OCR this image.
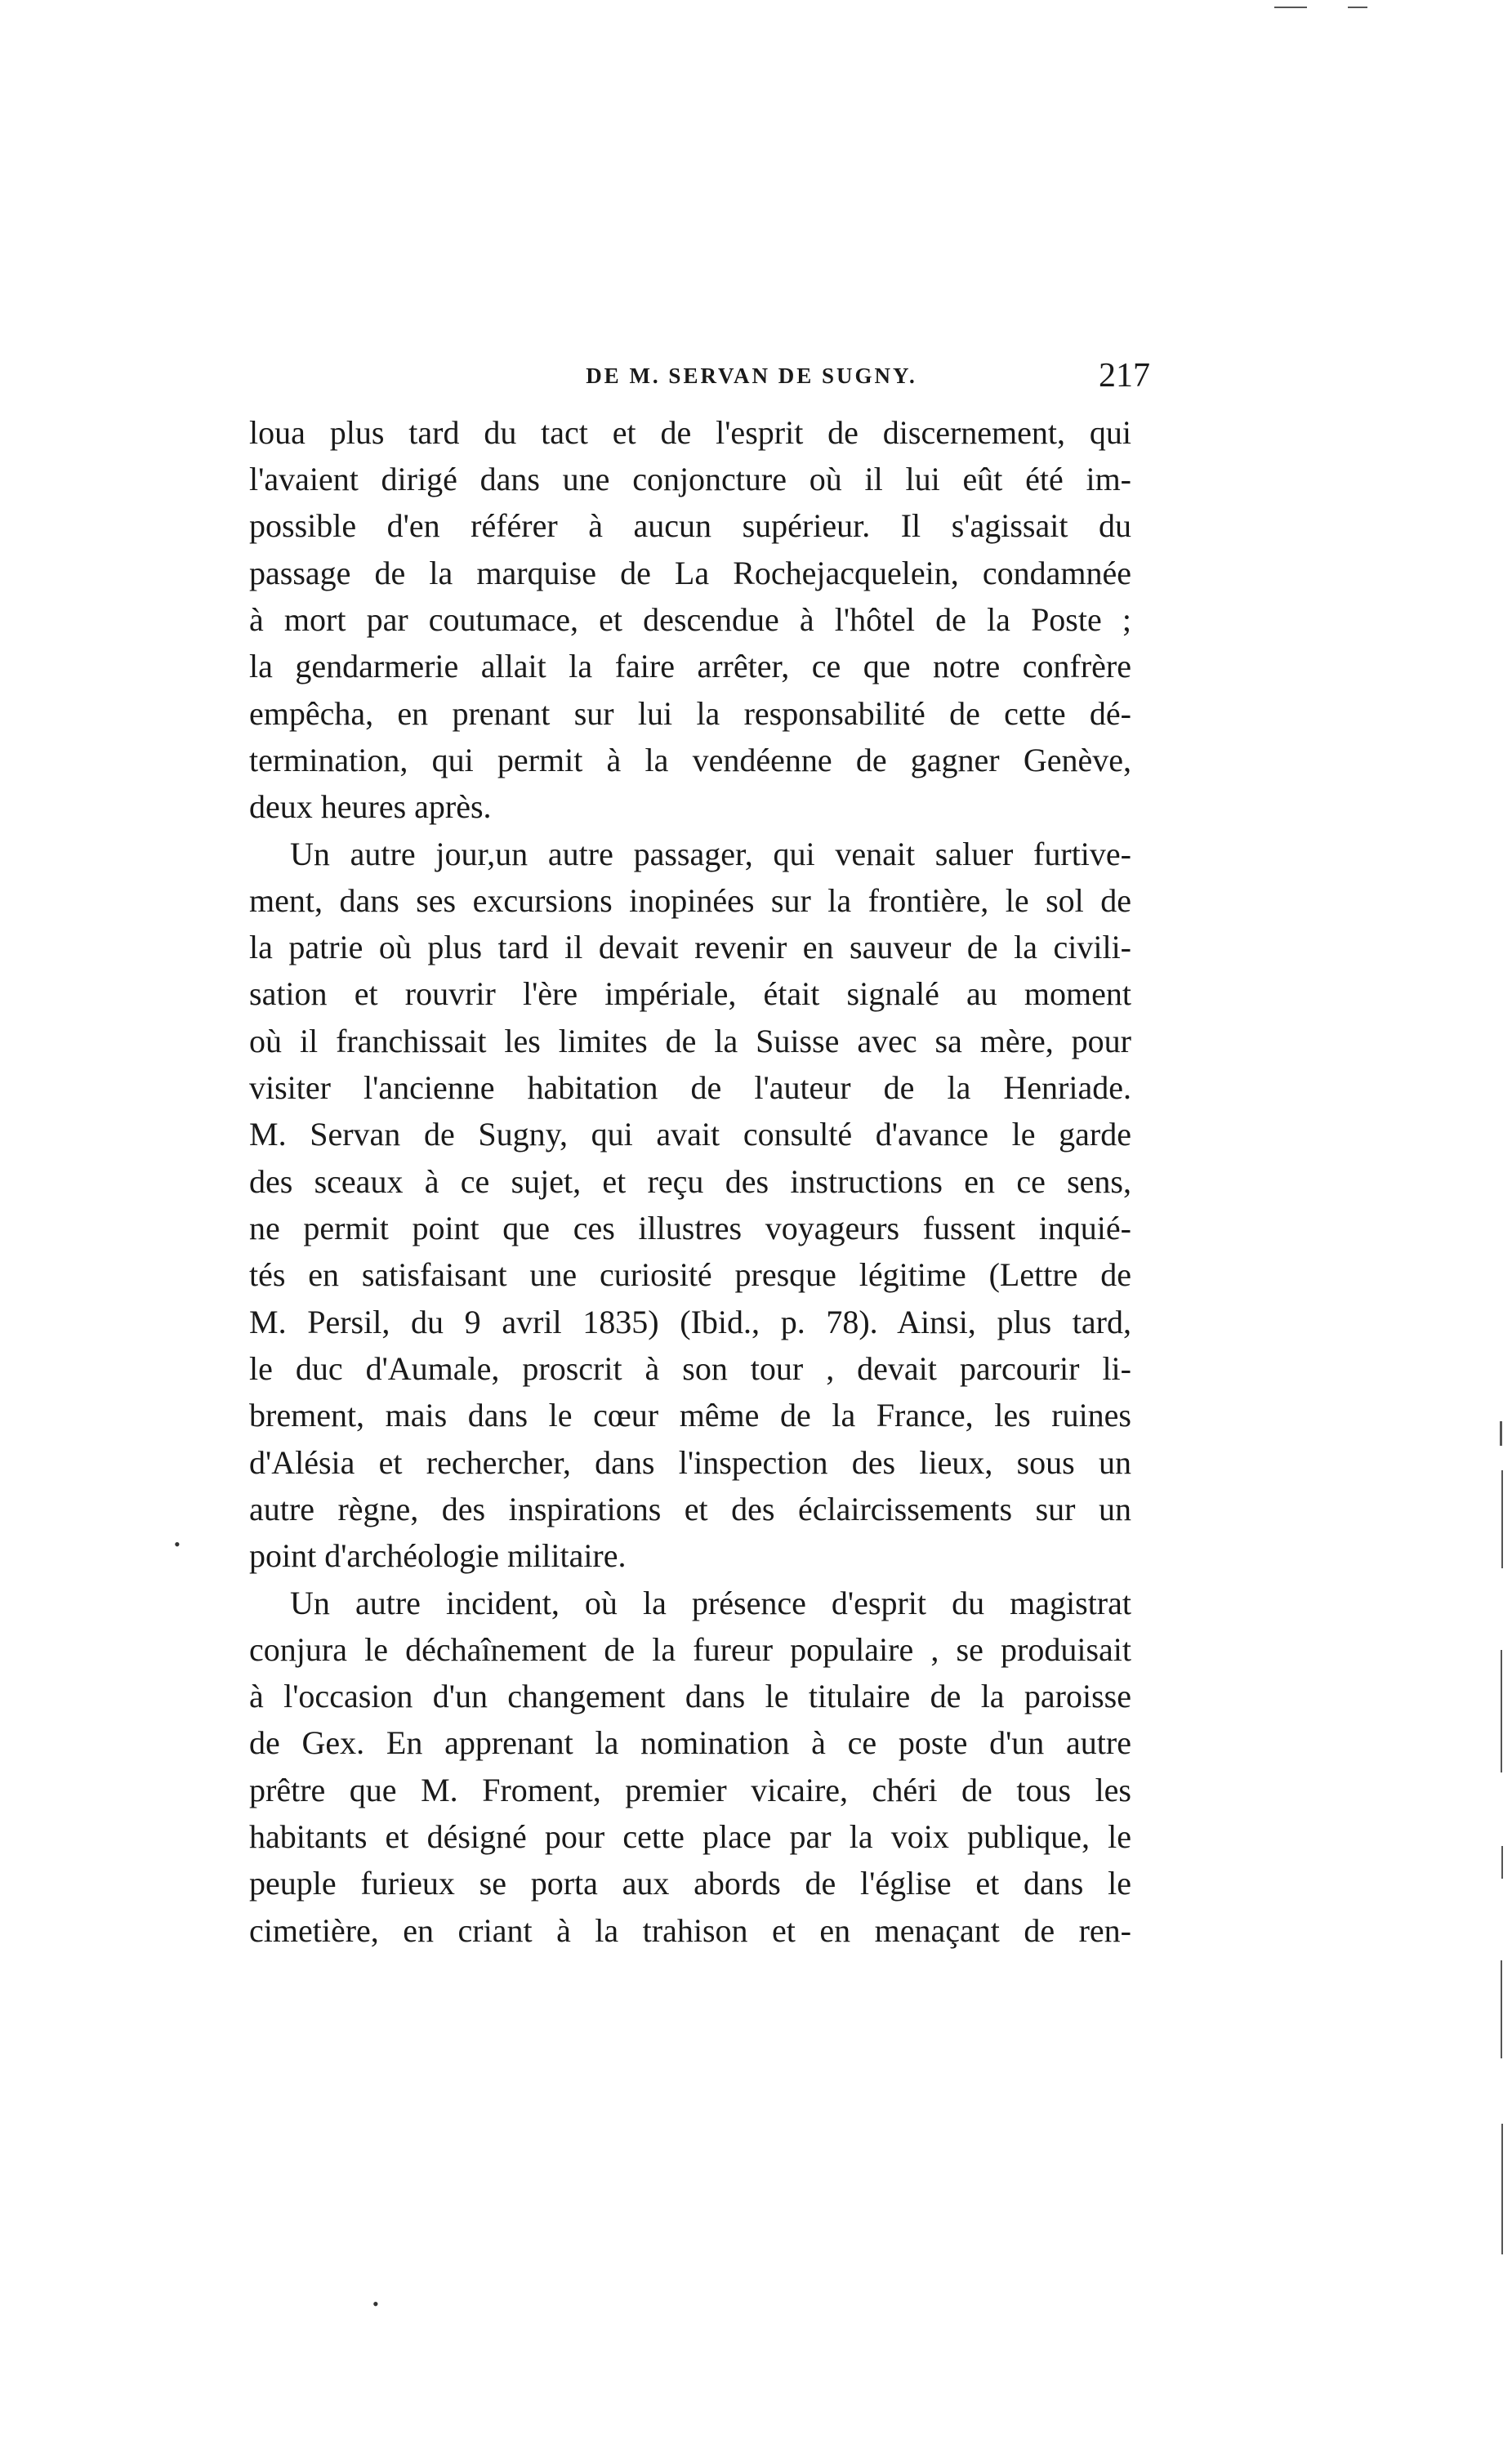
DE M. SERVAN DE SUGNY.	217
loua plus tard du tact et de l'esprit de discernement, qui
l'avaient dirigé dans une conjoncture où il lui eût été im-
possible d'en référer à aucun supérieur. Il s'agissait du
passage de la marquise de La Rochejacquelein, condamnée
à mort par coutumace, et descendue à l'hôtel de la Poste ;
la gendarmerie allait la faire arrêter, ce que notre confrère
empêcha, en prenant sur lui la responsabilité de cette dé-
termination, qui permit à la vendéenne de gagner Genève,
deux heures après.
Un autre jour,un autre passager, qui venait saluer furtive-
ment, dans ses excursions inopinées sur la frontière, le sol de
la patrie où plus tard il devait revenir en sauveur de la civili-
sation et rouvrir l'ère impériale, était signalé au moment
où il franchissait les limites de la Suisse avec sa mère, pour
visiter l'ancienne habitation de l'auteur de la Henriade.
M. Servan de Sugny, qui avait consulté d'avance le garde
des sceaux à ce sujet, et reçu des instructions en ce sens,
ne permit point que ces illustres voyageurs fussent inquié-
tés en satisfaisant une curiosité presque légitime (Lettre de
M. Persil, du 9 avril 1835) (Ibid., p. 78). Ainsi, plus tard,
le duc d'Aumale, proscrit à son tour , devait parcourir li-
brement, mais dans le cœur même de la France, les ruines
d'Alésia et rechercher, dans l'inspection des lieux, sous un
autre règne, des inspirations et des éclaircissements sur un
point d'archéologie militaire.
Un autre incident, où la présence d'esprit du magistrat
conjura le déchaînement de la fureur populaire , se produisait
à l'occasion d'un changement dans le titulaire de la paroisse
de Gex. En apprenant la nomination à ce poste d'un autre
prêtre que M. Froment, premier vicaire, chéri de tous les
habitants et désigné pour cette place par la voix publique, le
peuple furieux se porta aux abords de l'église et dans le
cimetière, en criant à la trahison et en menaçant de ren-
•
•
